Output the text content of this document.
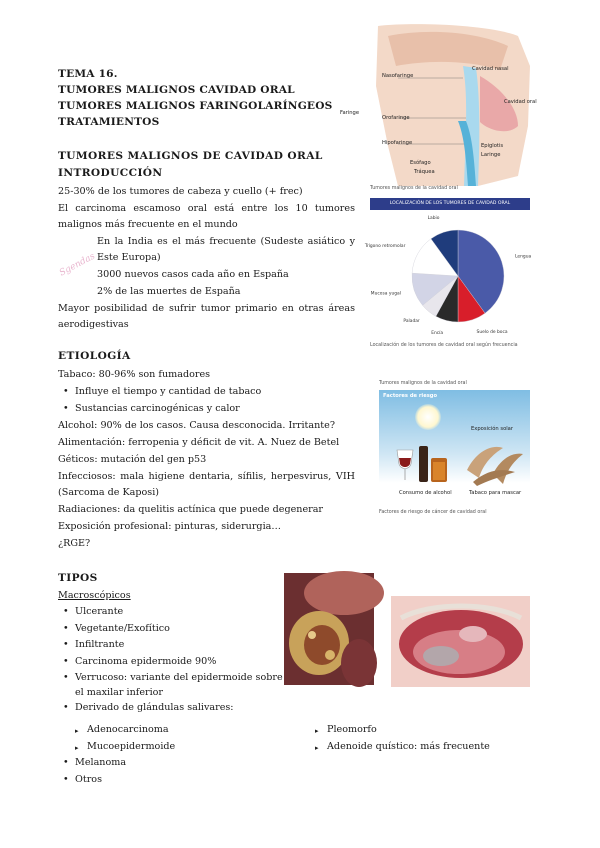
TEMA 16.
TUMORES MALIGNOS CAVIDAD ORAL
TUMORES MALIGNOS FARINGOLARÍNGEOS
TRATAMIENTOS
TUMORES MALIGNOS DE CAVIDAD ORAL
INTRODUCCIÓN
25-30% de los tumores de cabeza y cuello (+ frec)
El carcinoma escamoso oral está entre los 10 tumores malignos más frecuente en el mundo
En la India es el más frecuente (Sudeste asiático y Este Europa)
3000 nuevos casos cada año en España
2% de las muertes de España
Mayor posibilidad de sufrir tumor primario en otras áreas aerodigestivas
Sgendas
ETIOLOGÍA
Tabaco: 80-96% son fumadores
• Influye el tiempo y cantidad de tabaco
• Sustancias carcinogénicas y calor
Alcohol: 90% de los casos. Causa desconocida. Irritante?
Alimentación: ferropenia y déficit de vit. A. Nuez de Betel
Géticos: mutación del gen p53
Infecciosos: mala higiene dentaria, sífilis, herpesvirus, VIH (Sarcoma de Kaposi)
Radiaciones: da quelitis actínica que puede degenerar
Exposición profesional: pinturas, siderurgia…
¿RGE?
TIPOS
Macroscópicos
• Ulcerante
• Vegetante/Exofítico
• Infiltrante
• Carcinoma epidermoide 90%
• Verrucoso: variante del epidermoide sobre el maxilar inferior
• Derivado de glándulas salivares:
▸ Adenocarcinoma
▸ Mucoepidermoide
▸ Pleomorfo
▸ Adenoide quístico: más frecuente
• Melanoma
• Otros
Cavidad nasal
Nasofaringe
Faringe
Orofaringe
Cavidad oral
Hipofaringe	Epiglotis
Laringe
Esófago
Tráquea
Tumores malignos de la cavidad oral
LOCALIZACIÓN DE LOS TUMORES DE CAVIDAD ORAL
Lengua
Suelo de boca
Encía
Paladar
Mucosa yugal
Trígono retromolar
Labio
Localización de los tumores de cavidad oral según frecuencia
Tumores malignos de la cavidad oral
Factores de riesgo
Exposición solar
Consumo de alcohol	Tabaco para mascar
Factores de riesgo de cáncer de cavidad oral
